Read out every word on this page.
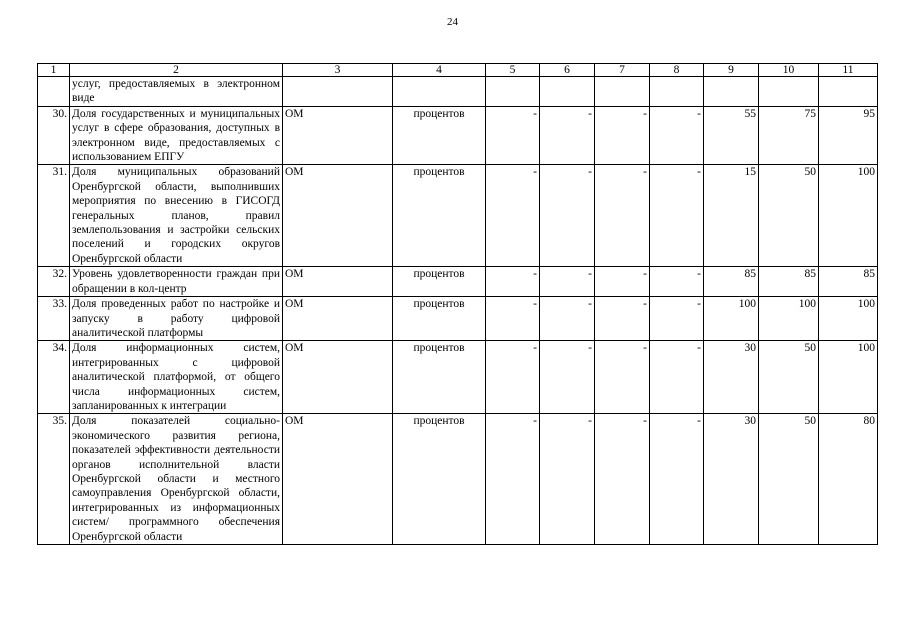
24
1	2	3	4	5	6	7	8	9	10	11
	услуг, предоставляемых в электронном виде									
30.	Доля государственных и муниципальных услуг в сфере образования, доступных в электронном виде, предоставляемых с использованием ЕПГУ	ОМ	процентов	-	-	-	-	55	75	95
31.	Доля муниципальных образований Оренбургской области, выполнивших мероприятия по внесению в ГИСОГД генеральных планов, правил землепользования и застройки сельских поселений и городских округов Оренбургской области	ОМ	процентов	-	-	-	-	15	50	100
32.	Уровень удовлетворенности граждан при обращении в кол-центр	ОМ	процентов	-	-	-	-	85	85	85
33.	Доля проведенных работ по настройке и запуску в работу цифровой аналитической платформы	ОМ	процентов	-	-	-	-	100	100	100
34.	Доля информационных систем, интегрированных с цифровой аналитической платформой, от общего числа информационных систем, запланированных к интеграции	ОМ	процентов	-	-	-	-	30	50	100
35.	Доля показателей социально-экономического развития региона, показателей эффективности деятельности органов исполнительной власти Оренбургской области и местного самоуправления Оренбургской области, интегрированных из информационных систем/ программного обеспечения Оренбургской области	ОМ	процентов	-	-	-	-	30	50	80
